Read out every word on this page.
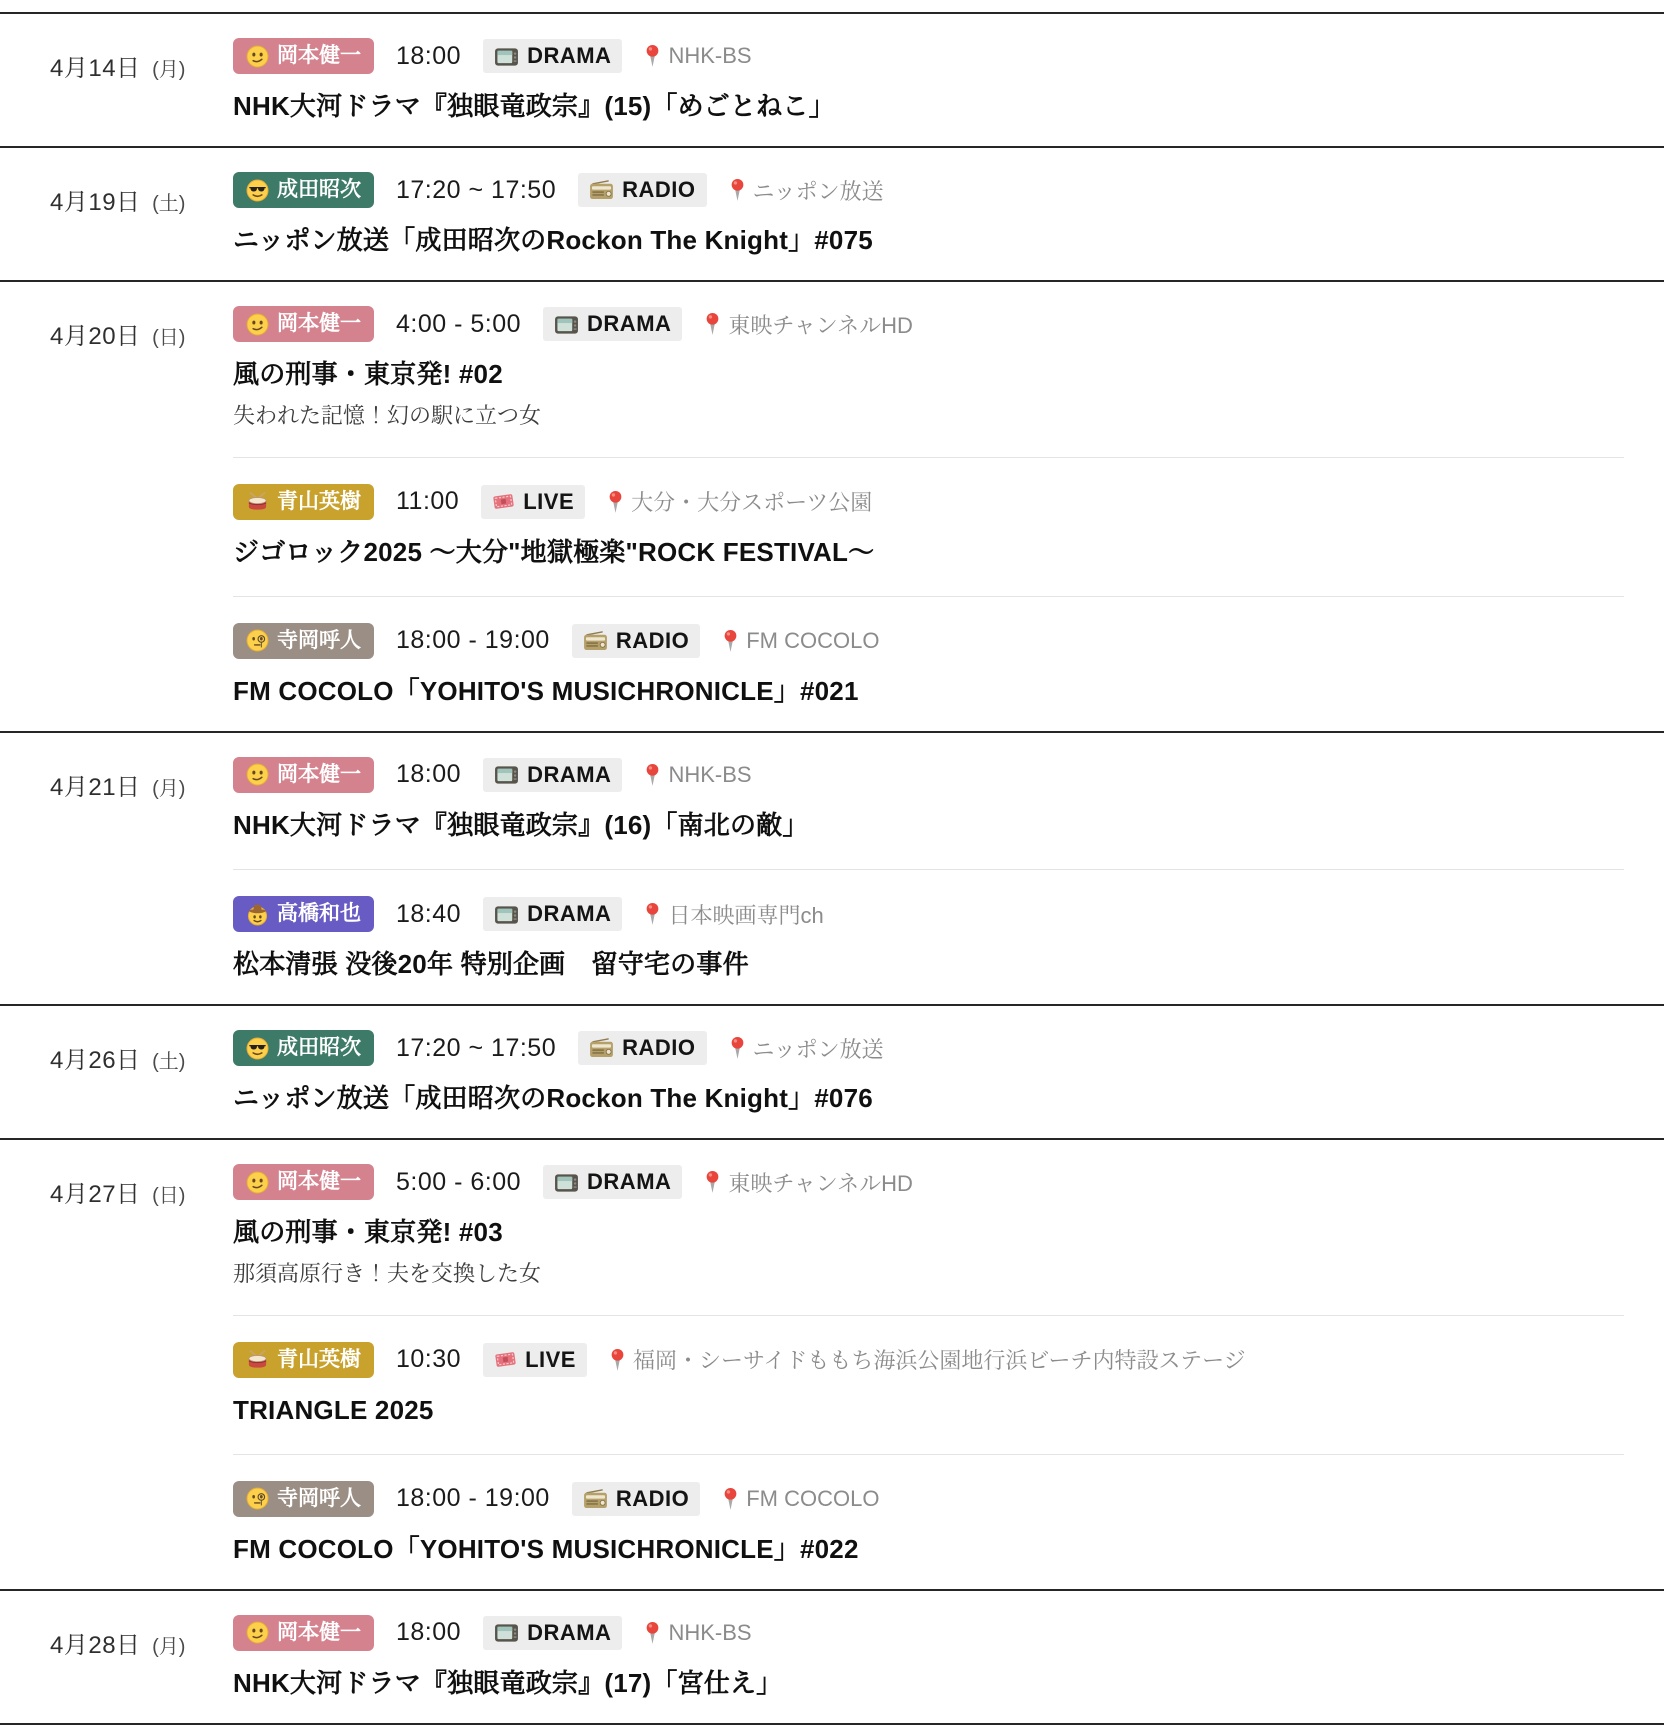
4月14日 (月)
岡本健一 18:00	DRAMA	NHK-BS
NHK大河ドラマ『独眼竜政宗』(15)「めごとねこ」
4月19日 (土)
成田昭次 17:20 ~ 17:50	RADIO	ニッポン放送
ニッポン放送「成田昭次のRockon The Knight」#075
4月20日 (日)
岡本健一 4:00 - 5:00	DRAMA	東映チャンネルHD
風の刑事・東京発! #02
失われた記憶！幻の駅に立つ女
青山英樹 11:00	LIVE	大分・大分スポーツ公園
ジゴロック2025 ～大分"地獄極楽"ROCK FESTIVAL～
寺岡呼人 18:00 - 19:00	RADIO	FM COCOLO
FM COCOLO「YOHITO'S MUSICHRONICLE」#021
4月21日 (月)
岡本健一 18:00	DRAMA	NHK-BS
NHK大河ドラマ『独眼竜政宗』(16)「南北の敵」
高橋和也 18:40	DRAMA	日本映画専門ch
松本清張 没後20年 特別企画　留守宅の事件
4月26日 (土)
成田昭次 17:20 ~ 17:50	RADIO	ニッポン放送
ニッポン放送「成田昭次のRockon The Knight」#076
4月27日 (日)
岡本健一 5:00 - 6:00	DRAMA	東映チャンネルHD
風の刑事・東京発! #03
那須高原行き！夫を交換した女
青山英樹 10:30	LIVE	福岡・シーサイドももち海浜公園地行浜ビーチ内特設ステージ
TRIANGLE 2025
寺岡呼人 18:00 - 19:00	RADIO	FM COCOLO
FM COCOLO「YOHITO'S MUSICHRONICLE」#022
4月28日 (月)
岡本健一 18:00	DRAMA	NHK-BS
NHK大河ドラマ『独眼竜政宗』(17)「宮仕え」
